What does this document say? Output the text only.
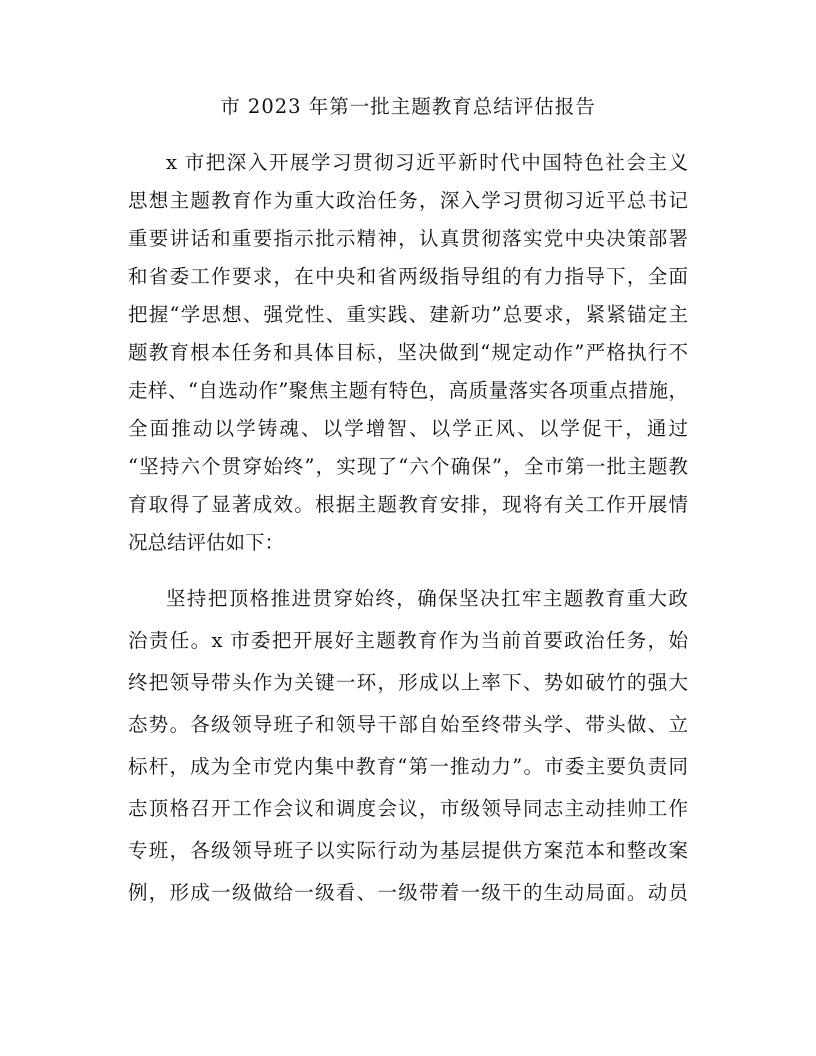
市 2023 年第一批主题教育总结评估报告
x 市把深入开展学习贯彻习近平新时代中国特色社会主义
思想主题教育作为重大政治任务，深入学习贯彻习近平总书记
重要讲话和重要指示批示精神，认真贯彻落实党中央决策部署
和省委工作要求，在中央和省两级指导组的有力指导下，全面
把握“学思想、强党性、重实践、建新功”总要求，紧紧锚定主
题教育根本任务和具体目标，坚决做到“规定动作”严格执行不
走样、“自选动作”聚焦主题有特色，高质量落实各项重点措施，
全面推动以学铸魂、以学增智、以学正风、以学促干，通过
“坚持六个贯穿始终”，实现了“六个确保”，全市第一批主题教
育取得了显著成效。根据主题教育安排，现将有关工作开展情
况总结评估如下：
坚持把顶格推进贯穿始终，确保坚决扛牢主题教育重大政
治责任。x 市委把开展好主题教育作为当前首要政治任务，始
终把领导带头作为关键一环，形成以上率下、势如破竹的强大
态势。各级领导班子和领导干部自始至终带头学、带头做、立
标杆，成为全市党内集中教育“第一推动力”。市委主要负责同
志顶格召开工作会议和调度会议，市级领导同志主动挂帅工作
专班，各级领导班子以实际行动为基层提供方案范本和整改案
例，形成一级做给一级看、一级带着一级干的生动局面。动员
